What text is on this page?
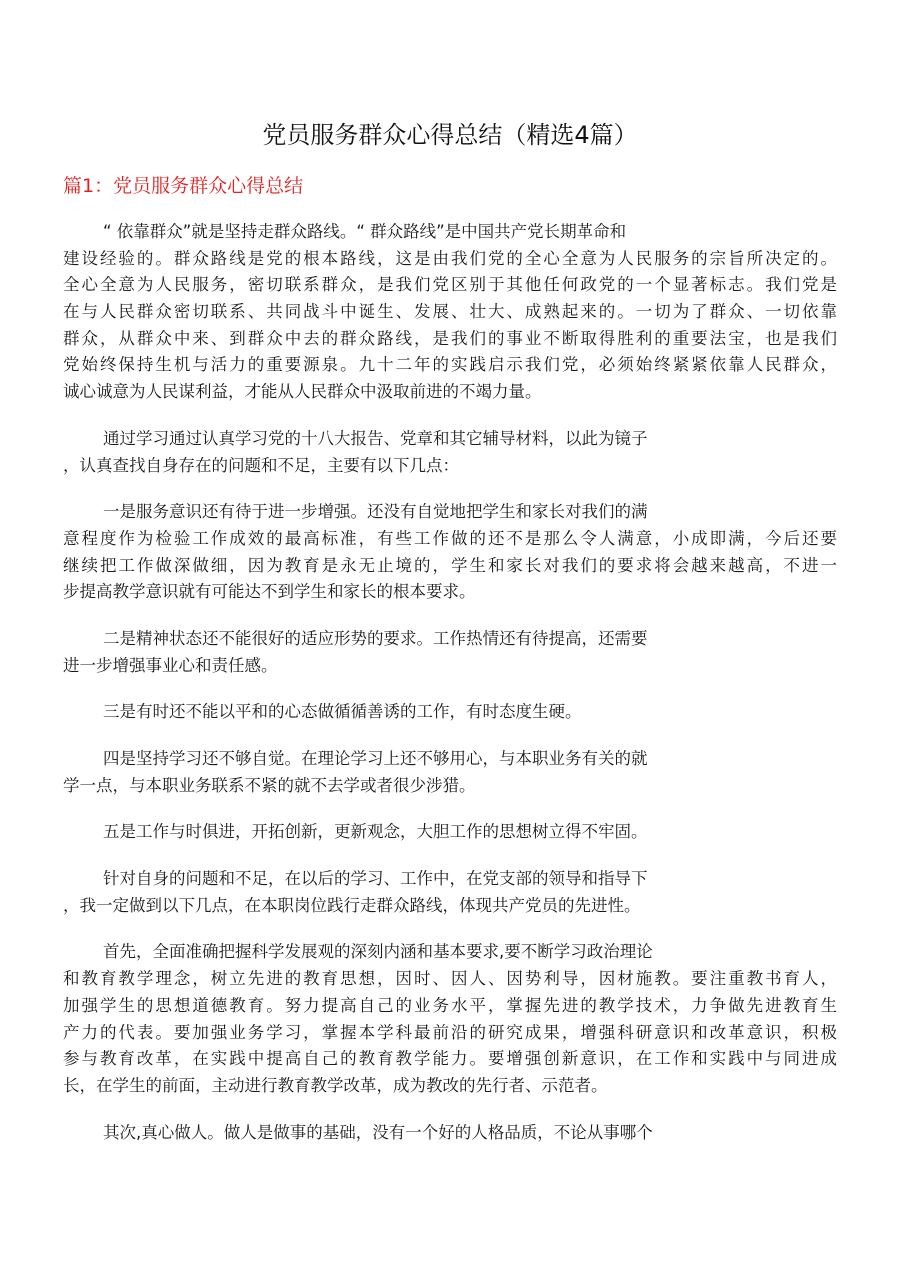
党员服务群众心得总结（精选4篇）
篇1：党员服务群众心得总结
“ 依靠群众”就是坚持走群众路线。“ 群众路线”是中国共产党长期革命和
建设经验的。群众路线是党的根本路线，这是由我们党的全心全意为人民服务的宗旨所决定的。
全心全意为人民服务，密切联系群众，是我们党区别于其他任何政党的一个显著标志。我们党是
在与人民群众密切联系、共同战斗中诞生、发展、壮大、成熟起来的。一切为了群众、一切依靠
群众，从群众中来、到群众中去的群众路线，是我们的事业不断取得胜利的重要法宝，也是我们
党始终保持生机与活力的重要源泉。九十二年的实践启示我们党，必须始终紧紧依靠人民群众，
诚心诚意为人民谋利益，才能从人民群众中汲取前进的不竭力量。
通过学习通过认真学习党的十八大报告、党章和其它辅导材料，以此为镜子
，认真查找自身存在的问题和不足，主要有以下几点：
一是服务意识还有待于进一步增强。还没有自觉地把学生和家长对我们的满
意程度作为检验工作成效的最高标准，有些工作做的还不是那么令人满意，小成即满，今后还要
继续把工作做深做细，因为教育是永无止境的，学生和家长对我们的要求将会越来越高，不进一
步提高教学意识就有可能达不到学生和家长的根本要求。
二是精神状态还不能很好的适应形势的要求。工作热情还有待提高，还需要
进一步增强事业心和责任感。
三是有时还不能以平和的心态做循循善诱的工作，有时态度生硬。
四是坚持学习还不够自觉。在理论学习上还不够用心，与本职业务有关的就
学一点，与本职业务联系不紧的就不去学或者很少涉猎。
五是工作与时俱进，开拓创新，更新观念，大胆工作的思想树立得不牢固。
针对自身的问题和不足，在以后的学习、工作中，在党支部的领导和指导下
，我一定做到以下几点，在本职岗位践行走群众路线，体现共产党员的先进性。
首先，全面准确把握科学发展观的深刻内涵和基本要求,要不断学习政治理论
和教育教学理念，树立先进的教育思想，因时、因人、因势利导，因材施教。要注重教书育人，
加强学生的思想道德教育。努力提高自己的业务水平，掌握先进的教学技术，力争做先进教育生
产力的代表。要加强业务学习，掌握本学科最前沿的研究成果，增强科研意识和改革意识，积极
参与教育改革，在实践中提高自己的教育教学能力。要增强创新意识，在工作和实践中与同进成
长，在学生的前面，主动进行教育教学改革，成为教改的先行者、示范者。
其次,真心做人。做人是做事的基础，没有一个好的人格品质，不论从事哪个
